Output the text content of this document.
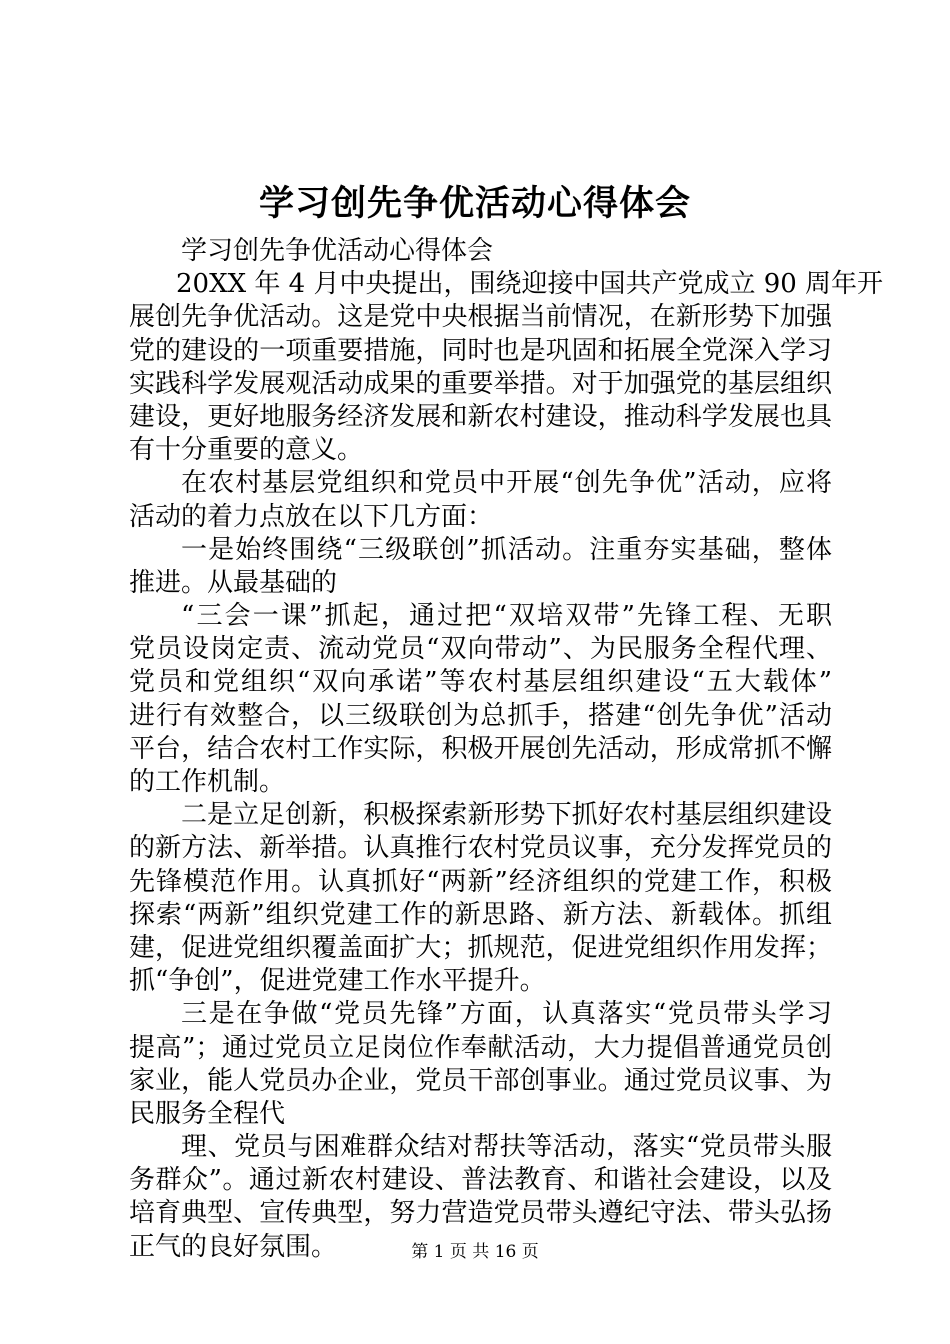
学习创先争优活动心得体会
学习创先争优活动心得体会
20XX 年 4 月中央提出，围绕迎接中国共产党成立 90 周年开
展创先争优活动。这是党中央根据当前情况，在新形势下加强
党的建设的一项重要措施，同时也是巩固和拓展全党深入学习
实践科学发展观活动成果的重要举措。对于加强党的基层组织
建设，更好地服务经济发展和新农村建设，推动科学发展也具
有十分重要的意义。
在农村基层党组织和党员中开展“创先争优”活动，应将
活动的着力点放在以下几方面：
一是始终围绕“三级联创”抓活动。注重夯实基础，整体
推进。从最基础的
“三会一课”抓起，通过把“双培双带”先锋工程、无职
党员设岗定责、流动党员“双向带动”、为民服务全程代理、
党员和党组织“双向承诺”等农村基层组织建设“五大载体”
进行有效整合，以三级联创为总抓手，搭建“创先争优”活动
平台，结合农村工作实际，积极开展创先活动，形成常抓不懈
的工作机制。
二是立足创新，积极探索新形势下抓好农村基层组织建设
的新方法、新举措。认真推行农村党员议事，充分发挥党员的
先锋模范作用。认真抓好“两新”经济组织的党建工作，积极
探索“两新”组织党建工作的新思路、新方法、新载体。抓组
建，促进党组织覆盖面扩大；抓规范，促进党组织作用发挥；
抓“争创”，促进党建工作水平提升。
三是在争做“党员先锋”方面，认真落实“党员带头学习
提高”；通过党员立足岗位作奉献活动，大力提倡普通党员创
家业，能人党员办企业，党员干部创事业。通过党员议事、为
民服务全程代
理、党员与困难群众结对帮扶等活动，落实“党员带头服
务群众”。通过新农村建设、普法教育、和谐社会建设，以及
培育典型、宣传典型，努力营造党员带头遵纪守法、带头弘扬
正气的良好氛围。	第 1 页 共 16 页
